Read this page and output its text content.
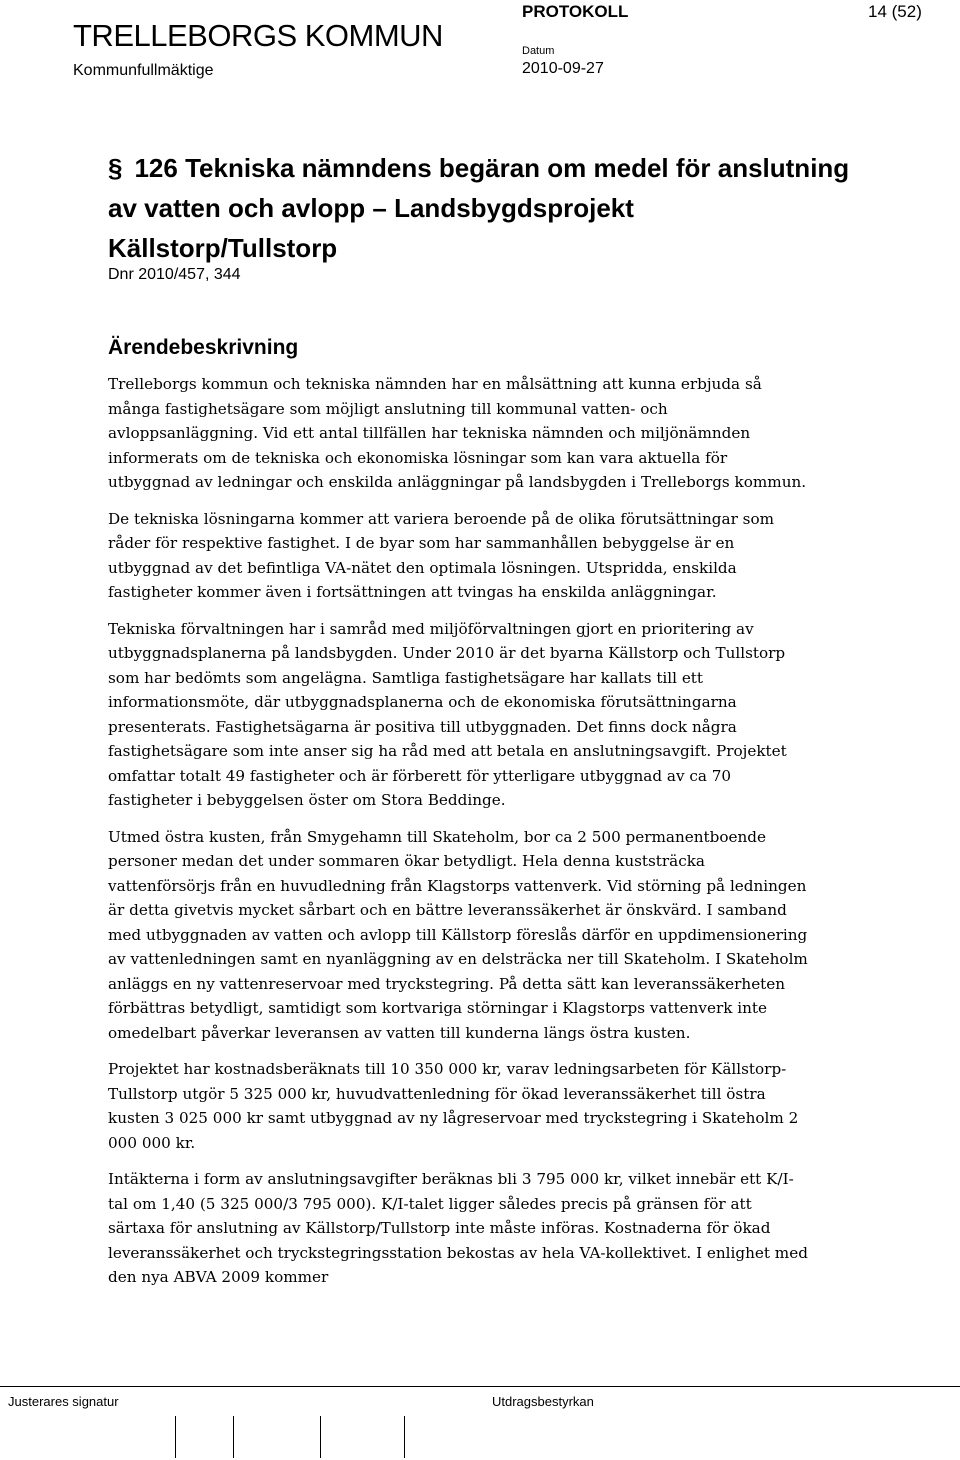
TRELLEBORGS KOMMUN
Kommunfullmäktige
PROTOKOLL	14 (52)
Datum
2010-09-27
§ 126 Tekniska nämndens begäran om medel för anslutning av vatten och avlopp – Landsbygdsprojekt Källstorp/Tullstorp
Dnr 2010/457, 344
Ärendebeskrivning

Trelleborgs kommun och tekniska nämnden har en målsättning att kunna erbjuda så många fastighetsägare som möjligt anslutning till kommunal vatten- och avloppsanläggning. Vid ett antal tillfällen har tekniska nämnden och miljönämnden informerats om de tekniska och ekonomiska lösningar som kan vara aktuella för utbyggnad av ledningar och enskilda anläggningar på landsbygden i Trelleborgs kommun.

De tekniska lösningarna kommer att variera beroende på de olika förutsättningar som råder för respektive fastighet. I de byar som har sammanhållen bebyggelse är en utbyggnad av det befintliga VA-nätet den optimala lösningen. Utspridda, enskilda fastigheter kommer även i fortsättningen att tvingas ha enskilda anläggningar.

Tekniska förvaltningen har i samråd med miljöförvaltningen gjort en prioritering av utbyggnadsplanerna på landsbygden. Under 2010 är det byarna Källstorp och Tullstorp som har bedömts som angelägna. Samtliga fastighetsägare har kallats till ett informationsmöte, där utbyggnadsplanerna och de ekonomiska förutsättningarna presenterats. Fastighetsägarna är positiva till utbyggnaden. Det finns dock några fastighetsägare som inte anser sig ha råd med att betala en anslutningsavgift. Projektet omfattar totalt 49 fastigheter och är förberett för ytterligare utbyggnad av ca 70 fastigheter i bebyggelsen öster om Stora Beddinge.

Utmed östra kusten, från Smygehamn till Skateholm, bor ca 2 500 permanentboende personer medan det under sommaren ökar betydligt. Hela denna kuststräcka vattenförsörjs från en huvudledning från Klagstorps vattenverk. Vid störning på ledningen är detta givetvis mycket sårbart och en bättre leveranssäkerhet är önskvärd. I samband med utbyggnaden av vatten och avlopp till Källstorp föreslås därför en uppdimensionering av vattenledningen samt en nyanläggning av en delsträcka ner till Skateholm. I Skateholm anläggs en ny vattenreservoar med tryckstegring. På detta sätt kan leveranssäkerheten förbättras betydligt, samtidigt som kortvariga störningar i Klagstorps vattenverk inte omedelbart påverkar leveransen av vatten till kunderna längs östra kusten.

Projektet har kostnadsberäknats till 10 350 000 kr, varav ledningsarbeten för Källstorp-Tullstorp utgör 5 325 000 kr, huvudvattenledning för ökad leveranssäkerhet till östra kusten 3 025 000 kr samt utbyggnad av ny lågreservoar med tryckstegring i Skateholm 2 000 000 kr.

Intäkterna i form av anslutningsavgifter beräknas bli 3 795 000 kr, vilket innebär ett K/I-tal om 1,40 (5 325 000/3 795 000). K/I-talet ligger således precis på gränsen för att särtaxa för anslutning av Källstorp/Tullstorp inte måste införas. Kostnaderna för ökad leveranssäkerhet och tryckstegringsstation bekostas av hela VA-kollektivet. I enlighet med den nya ABVA 2009 kommer

Justerares signatur	Utdragsbestyrkan
